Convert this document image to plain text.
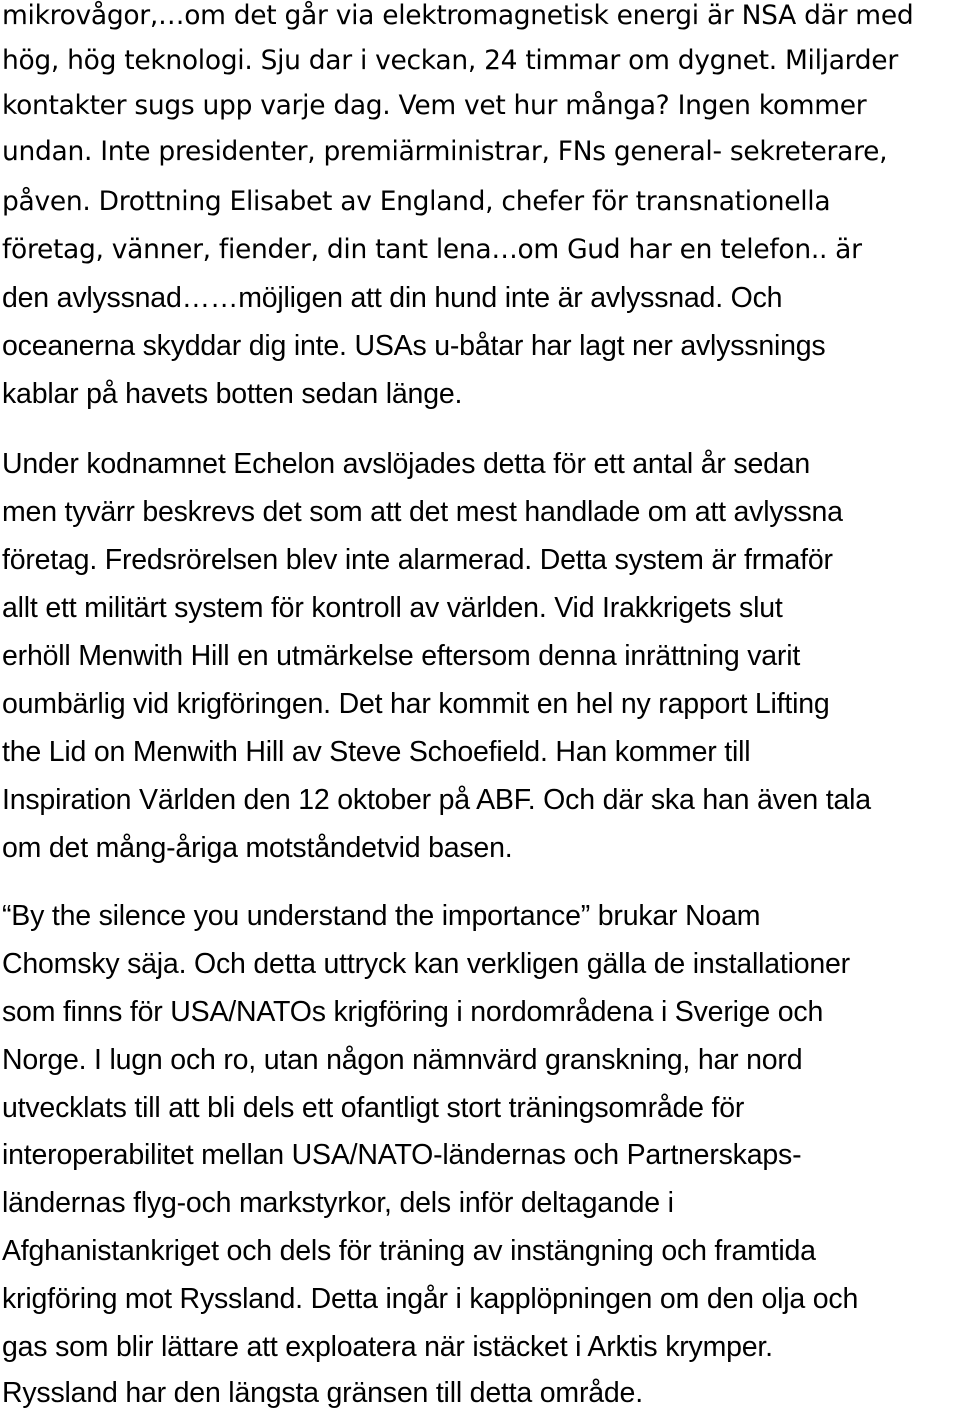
mikrovågor,…om det går via elektromagnetisk energi är NSA där med
hög, hög teknologi. Sju dar i veckan, 24 timmar om dygnet. Miljarder
kontakter sugs upp varje dag. Vem vet hur många? Ingen kommer
undan. Inte presidenter, premiärministrar, FNs general- sekreterare,
påven. Drottning Elisabet av England, chefer för transnationella
företag, vänner, fiender, din tant lena…om Gud har en telefon.. är
den avlyssnad……möjligen att din hund inte är avlyssnad. Och
oceanerna skyddar dig inte. USAs u-båtar har lagt ner avlyssnings
kablar på havets botten sedan länge.
Under kodnamnet Echelon avslöjades detta för ett antal år sedan
men tyvärr beskrevs det som att det mest handlade om att avlyssna
företag. Fredsrörelsen blev inte alarmerad. Detta system är frmaför
allt ett militärt system för kontroll av världen. Vid Irakkrigets slut
erhöll Menwith Hill en utmärkelse eftersom denna inrättning varit
oumbärlig vid krigföringen. Det har kommit en hel ny rapport Lifting
the Lid on Menwith Hill av Steve Schoefield. Han kommer till
Inspiration Världen den 12 oktober på ABF. Och där ska han även tala
om det mång-åriga motståndetvid basen.
“By the silence you understand the importance” brukar Noam
Chomsky säja. Och detta uttryck kan verkligen gälla de installationer
som finns för USA/NATOs krigföring i nordområdena i Sverige och
Norge. I lugn och ro, utan någon nämnvärd granskning, har nord
utvecklats till att bli dels ett ofantligt stort träningsområde för
interoperabilitet mellan USA/NATO-ländernas och Partnerskaps-
ländernas flyg-och markstyrkor, dels inför deltagande i
Afghanistankriget och dels för träning av instängning och framtida
krigföring mot Ryssland. Detta ingår i kapplöpningen om den olja och
gas som blir lättare att exploatera när istäcket i Arktis krymper.
Ryssland har den längsta gränsen till detta område.
